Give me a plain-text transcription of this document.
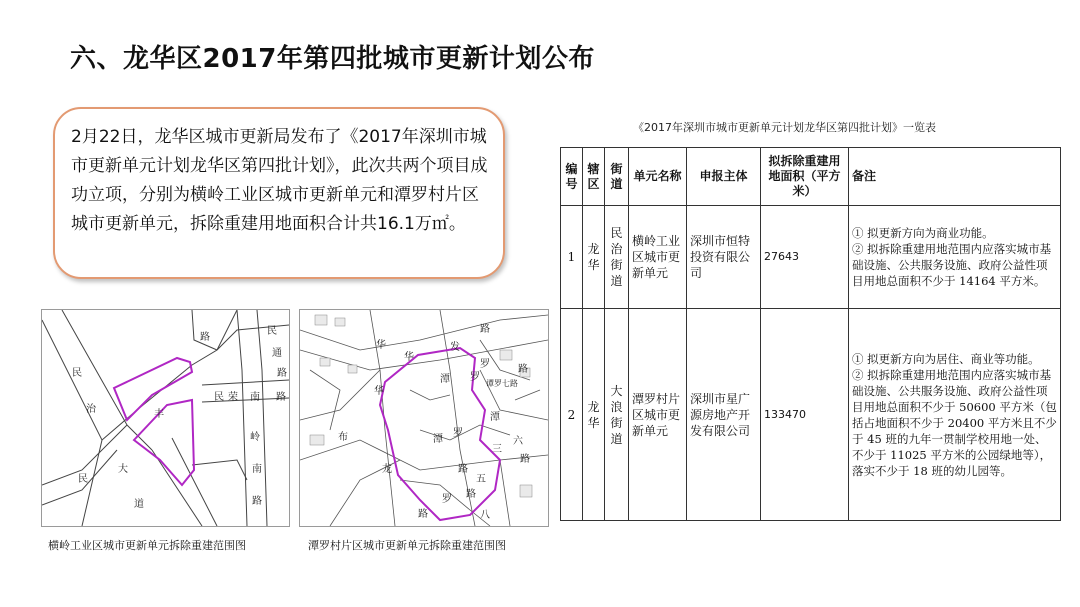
六、龙华区2017年第四批城市更新计划公布

2月22日，龙华区城市更新局发布了《2017年深圳市城市更新单元计划龙华区第四批计划》，此次共两个项目成功立项，分别为横岭工业区城市更新单元和潭罗村片区城市更新单元，拆除重建用地面积合计共16.1万㎡。

民
治
民
大
道
丰
路
民
通
路
民 荣 南 路
岭
南
路
华
华
发
路
潭
罗
罗
路
谭罗七路
六
潭
路
华
潭
罗
三
路
五
路
罗
八
布
龙
路
横岭工业区城市更新单元拆除重建范围图	潭罗村片区城市更新单元拆除重建范围图
《2017年深圳市城市更新单元计划龙华区第四批计划》一览表
编号	辖区	街道	单元名称	申报主体	拟拆除重建用地面积（平方米）	备注
1	龙华	民治街道	横岭工业区城市更新单元	深圳市恒特投资有限公司	27643	① 拟更新方向为商业功能。
② 拟拆除重建用地范围内应落实城市基础设施、公共服务设施、政府公益性项目用地总面积不少于 14164 平方米。

2	龙华	大浪街道	潭罗村片区城市更新单元	深圳市星广源房地产开发有限公司	133470	① 拟更新方向为居住、商业等功能。
② 拟拆除重建用地范围内应落实城市基础设施、公共服务设施、政府公益性项目用地总面积不少于 50600 平方米（包括占地面积不少于 20400 平方米且不少于 45 班的九年一贯制学校用地一处、不少于 11025 平方米的公园绿地等），落实不少于 18 班的幼儿园等。
